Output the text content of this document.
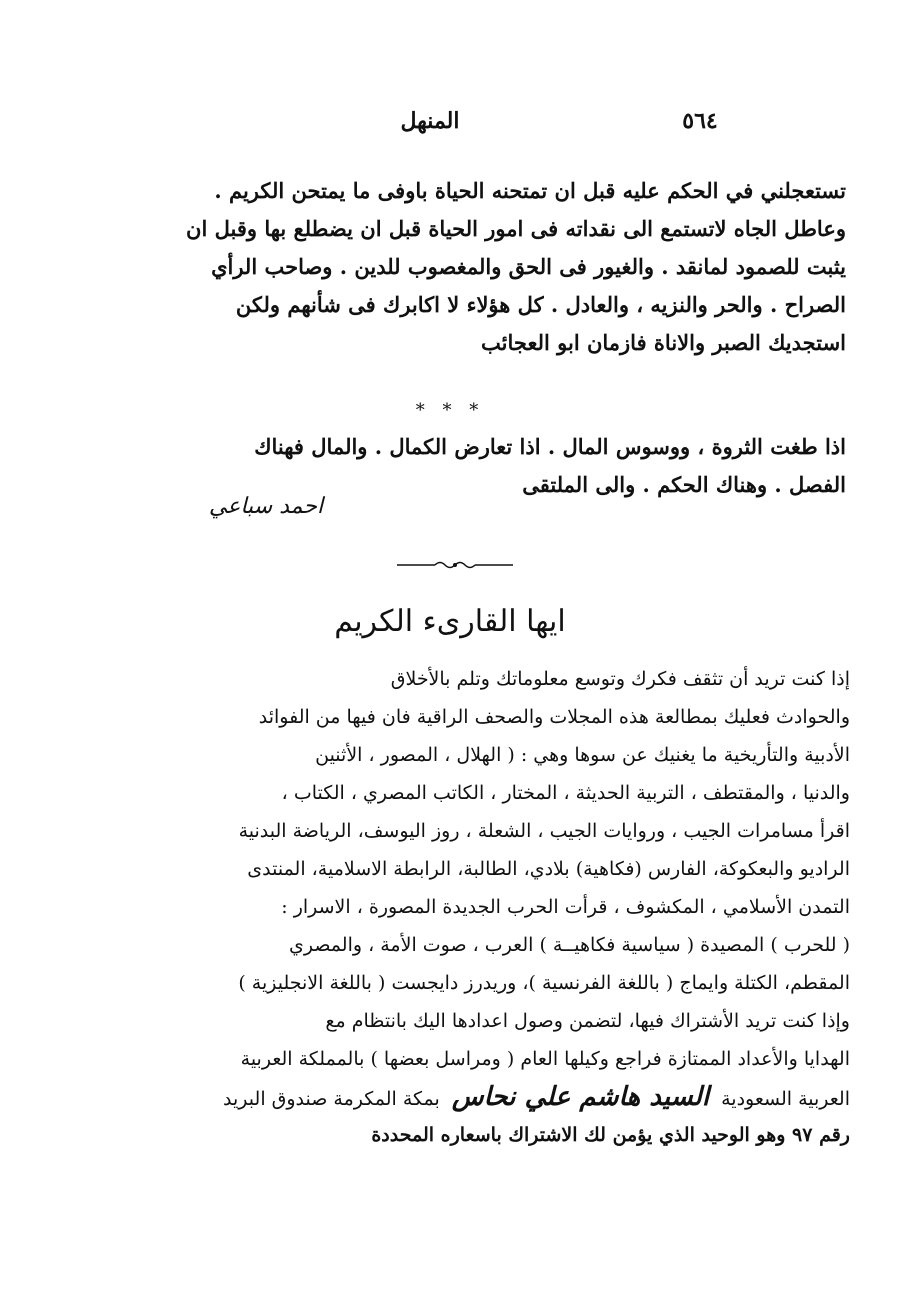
المنهل	٥٦٤
تستعجلني في الحكم عليه قبل ان تمتحنه الحياة باوفى ما يمتحن الكريم .
وعاطل الجاه لاتستمع الى نقداته فى امور الحياة قبل ان يضطلع بها وقبل ان
يثبت للصمود لمانقد . والغيور فى الحق والمغصوب للدين . وصاحب الرأي
الصراح . والحر والنزيه ، والعادل . كل هؤلاء لا اكابرك فى شأنهم ولكن
استجديك الصبر والاناة فازمان ابو العجائب
* * *
اذا طغت الثروة ، ووسوس المال . اذا تعارض الكمال . والمال فهناك
الفصل . وهناك الحكم . والى الملتقى
احمد سباعي
ايها القارىء الكريم
إذا كنت تريد أن تثقف فكرك وتوسع معلوماتك وتلم بالأخلاق
والحوادث فعليك بمطالعة هذه المجلات والصحف الراقية فان فيها من الفوائد
الأدبية والتأريخية ما يغنيك عن سوها وهي : ( الهلال ، المصور ، الأثنين
والدنيا ، والمقتطف ، التربية الحديثة ، المختار ، الكاتب المصري ، الكتاب ،
اقرأ مسامرات الجيب ، وروايات الجيب ، الشعلة ، روز اليوسف، الرياضة البدنية
الراديو والبعكوكة، الفارس (فكاهية) بلادي، الطالبة، الرابطة الاسلامية، المنتدى
التمدن الأسلامي ، المكشوف ، قرأت الحرب الجديدة المصورة ، الاسرار :
( للحرب ) المصيدة ( سياسية فكاهيــة ) العرب ، صوت الأمة ، والمصري
المقطم، الكتلة وايماج ( باللغة الفرنسية )، وريدرز دايجست ( باللغة الانجليزية )
وإذا كنت تريد الأشتراك فيها، لتضمن وصول اعدادها اليك بانتظام مع
الهدايا والأعداد الممتازة فراجع وكيلها العام ( ومراسل بعضها ) بالمملكة العربية
العربية السعودية السيد هاشم علي نحاس بمكة المكرمة صندوق البريد
رقم ٩٧ وهو الوحيد الذي يؤمن لك الاشتراك باسعاره المحددة
